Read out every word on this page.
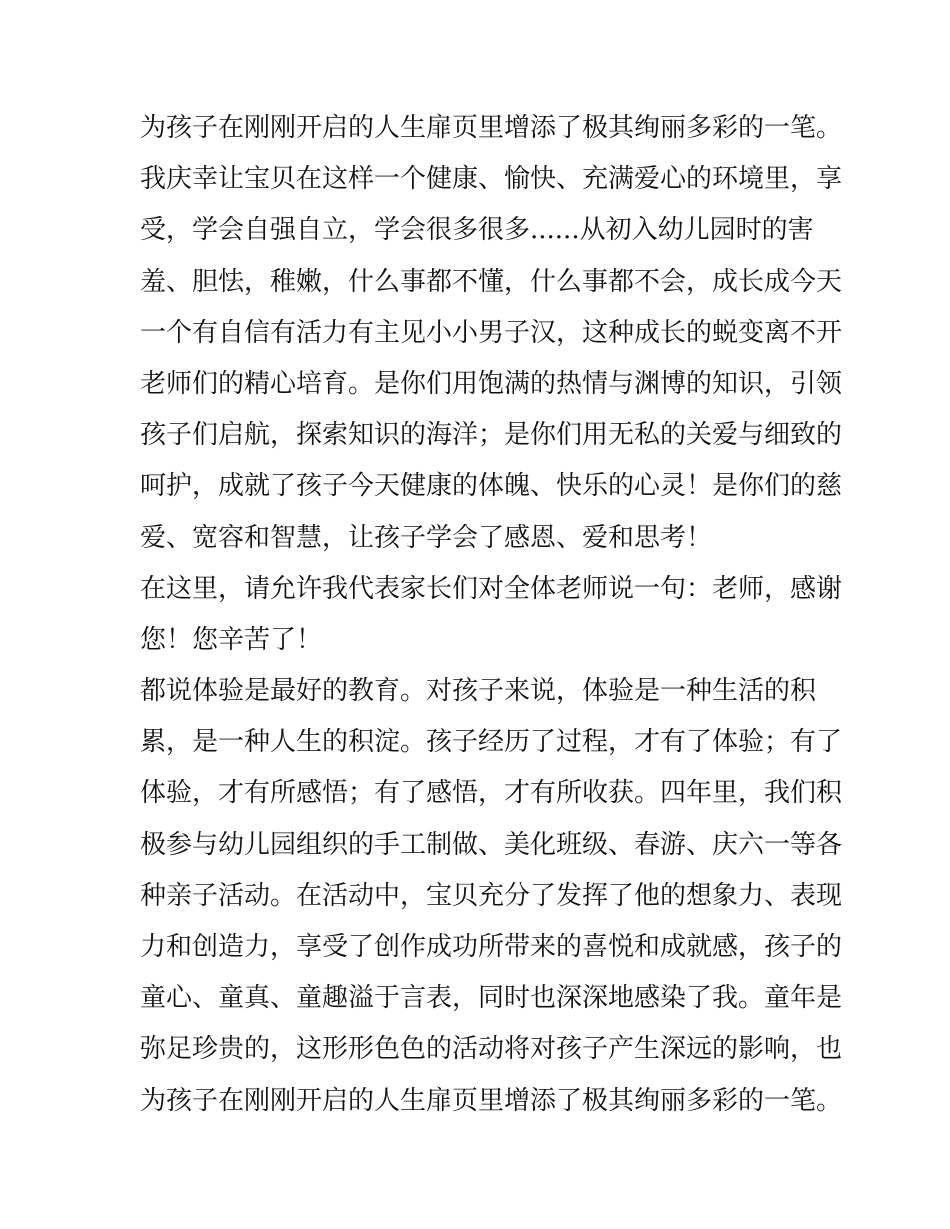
为孩子在刚刚开启的人生扉页里增添了极其绚丽多彩的一笔。
我庆幸让宝贝在这样一个健康、愉快、充满爱心的环境里，享
受，学会自强自立，学会很多很多......从初入幼儿园时的害
羞、胆怯，稚嫩，什么事都不懂，什么事都不会，成长成今天
一个有自信有活力有主见小小男子汉，这种成长的蜕变离不开
老师们的精心培育。是你们用饱满的热情与渊博的知识，引领
孩子们启航，探索知识的海洋；是你们用无私的关爱与细致的
呵护，成就了孩子今天健康的体魄、快乐的心灵！是你们的慈
爱、宽容和智慧，让孩子学会了感恩、爱和思考！
在这里，请允许我代表家长们对全体老师说一句：老师，感谢
您！您辛苦了！
都说体验是最好的教育。对孩子来说，体验是一种生活的积
累，是一种人生的积淀。孩子经历了过程，才有了体验；有了
体验，才有所感悟；有了感悟，才有所收获。四年里，我们积
极参与幼儿园组织的手工制做、美化班级、春游、庆六一等各
种亲子活动。在活动中，宝贝充分了发挥了他的想象力、表现
力和创造力，享受了创作成功所带来的喜悦和成就感，孩子的
童心、童真、童趣溢于言表，同时也深深地感染了我。童年是
弥足珍贵的，这形形色色的活动将对孩子产生深远的影响，也
为孩子在刚刚开启的人生扉页里增添了极其绚丽多彩的一笔。
